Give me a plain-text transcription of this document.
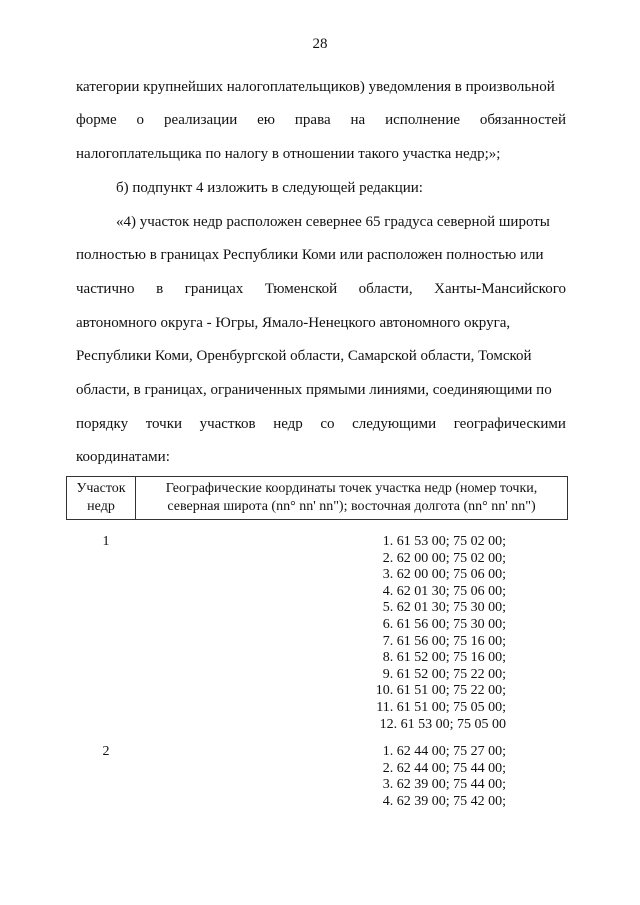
28
категории крупнейших налогоплательщиков) уведомления в произвольной
форме о реализации ею права на исполнение обязанностей
налогоплательщика по налогу в отношении такого участка недр;»;
б) подпункт 4 изложить в следующей редакции:
«4) участок недр расположен севернее 65 градуса северной широты
полностью в границах Республики Коми или расположен полностью или
частично в границах Тюменской области, Ханты-Мансийского
автономного округа - Югры, Ямало-Ненецкого автономного округа,
Республики Коми, Оренбургской области, Самарской области, Томской
области, в границах, ограниченных прямыми линиями, соединяющими по
порядку точки участков недр со следующими географическими
координатами:
Участок недр	Географические координаты точек участка недр (номер точки, северная широта (nn° nn' nn"); восточная долгота (nn° nn' nn")
1	1. 61 53 00; 75 02 00;
2. 62 00 00; 75 02 00;
3. 62 00 00; 75 06 00;
4. 62 01 30; 75 06 00;
5. 62 01 30; 75 30 00;
6. 61 56 00; 75 30 00;
7. 61 56 00; 75 16 00;
8. 61 52 00; 75 16 00;
9. 61 52 00; 75 22 00;
10. 61 51 00; 75 22 00;
11. 61 51 00; 75 05 00;
12. 61 53 00; 75 05 00
2	1. 62 44 00; 75 27 00;
2. 62 44 00; 75 44 00;
3. 62 39 00; 75 44 00;
4. 62 39 00; 75 42 00;
